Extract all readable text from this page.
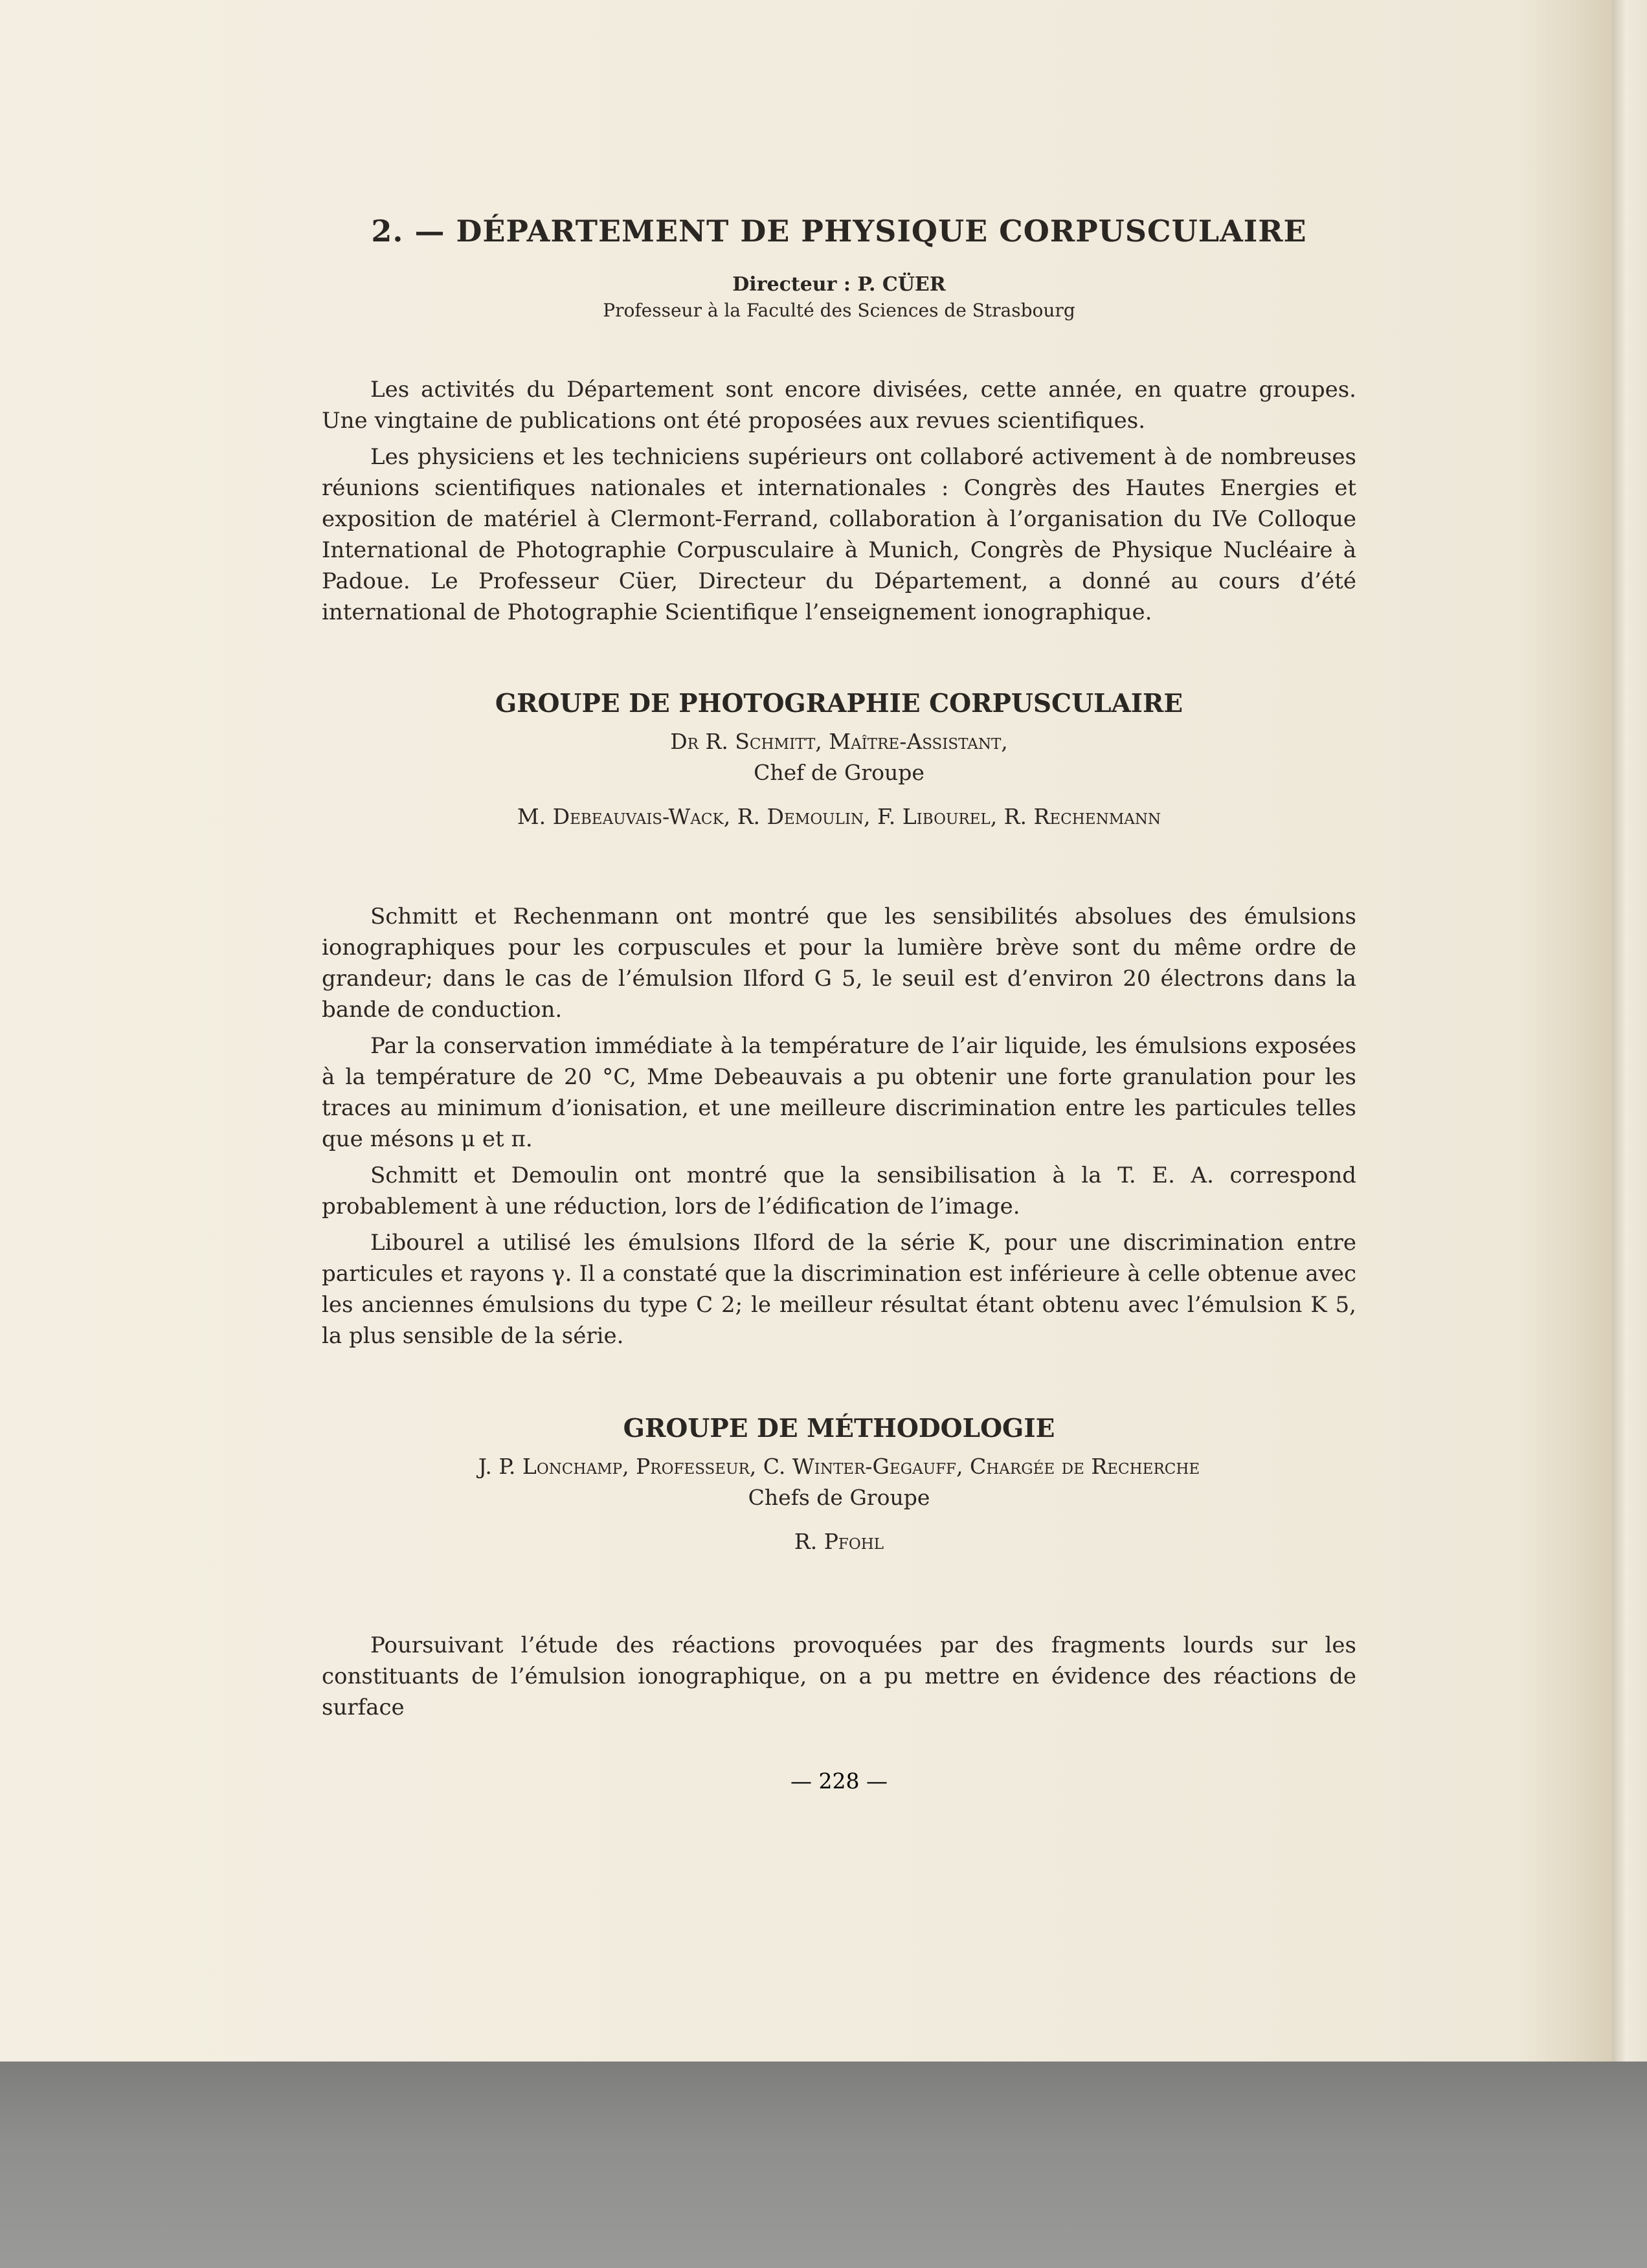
2. — DÉPARTEMENT DE PHYSIQUE CORPUSCULAIRE
Directeur : P. CÜER
Professeur à la Faculté des Sciences de Strasbourg

Les activités du Département sont encore divisées, cette année, en quatre groupes. Une vingtaine de publications ont été proposées aux revues scientifiques.

Les physiciens et les techniciens supérieurs ont collaboré activement à de nombreuses réunions scientifiques nationales et internationales : Congrès des Hautes Energies et exposition de matériel à Clermont-Ferrand, collaboration à l’organisation du IVe Colloque International de Photographie Corpusculaire à Munich, Congrès de Physique Nucléaire à Padoue. Le Professeur Cüer, Directeur du Département, a donné au cours d’été international de Photographie Scientifique l’enseignement ionographique.

GROUPE DE PHOTOGRAPHIE CORPUSCULAIRE

Dr R. Schmitt, Maître-Assistant,

Chef de Groupe

M. Debeauvais-Wack, R. Demoulin, F. Libourel, R. Rechenmann

Schmitt et Rechenmann ont montré que les sensibilités absolues des émulsions ionographiques pour les corpuscules et pour la lumière brève sont du même ordre de grandeur; dans le cas de l’émulsion Ilford G 5, le seuil est d’environ 20 électrons dans la bande de conduction.

Par la conservation immédiate à la température de l’air liquide, les émulsions exposées à la température de 20 °C, Mme Debeauvais a pu obtenir une forte granulation pour les traces au minimum d’ionisation, et une meilleure discrimination entre les particules telles que mésons μ et π.

Schmitt et Demoulin ont montré que la sensibilisation à la T. E. A. correspond probablement à une réduction, lors de l’édification de l’image.

Libourel a utilisé les émulsions Ilford de la série K, pour une discrimination entre particules et rayons γ. Il a constaté que la discrimination est inférieure à celle obtenue avec les anciennes émulsions du type C 2; le meilleur résultat étant obtenu avec l’émulsion K 5, la plus sensible de la série.

GROUPE DE MÉTHODOLOGIE

J. P. Lonchamp, Professeur, C. Winter-Gegauff, Chargée de Recherche

Chefs de Groupe

R. Pfohl

Poursuivant l’étude des réactions provoquées par des fragments lourds sur les constituants de l’émulsion ionographique, on a pu mettre en évidence des réactions de surface

— 228 —
